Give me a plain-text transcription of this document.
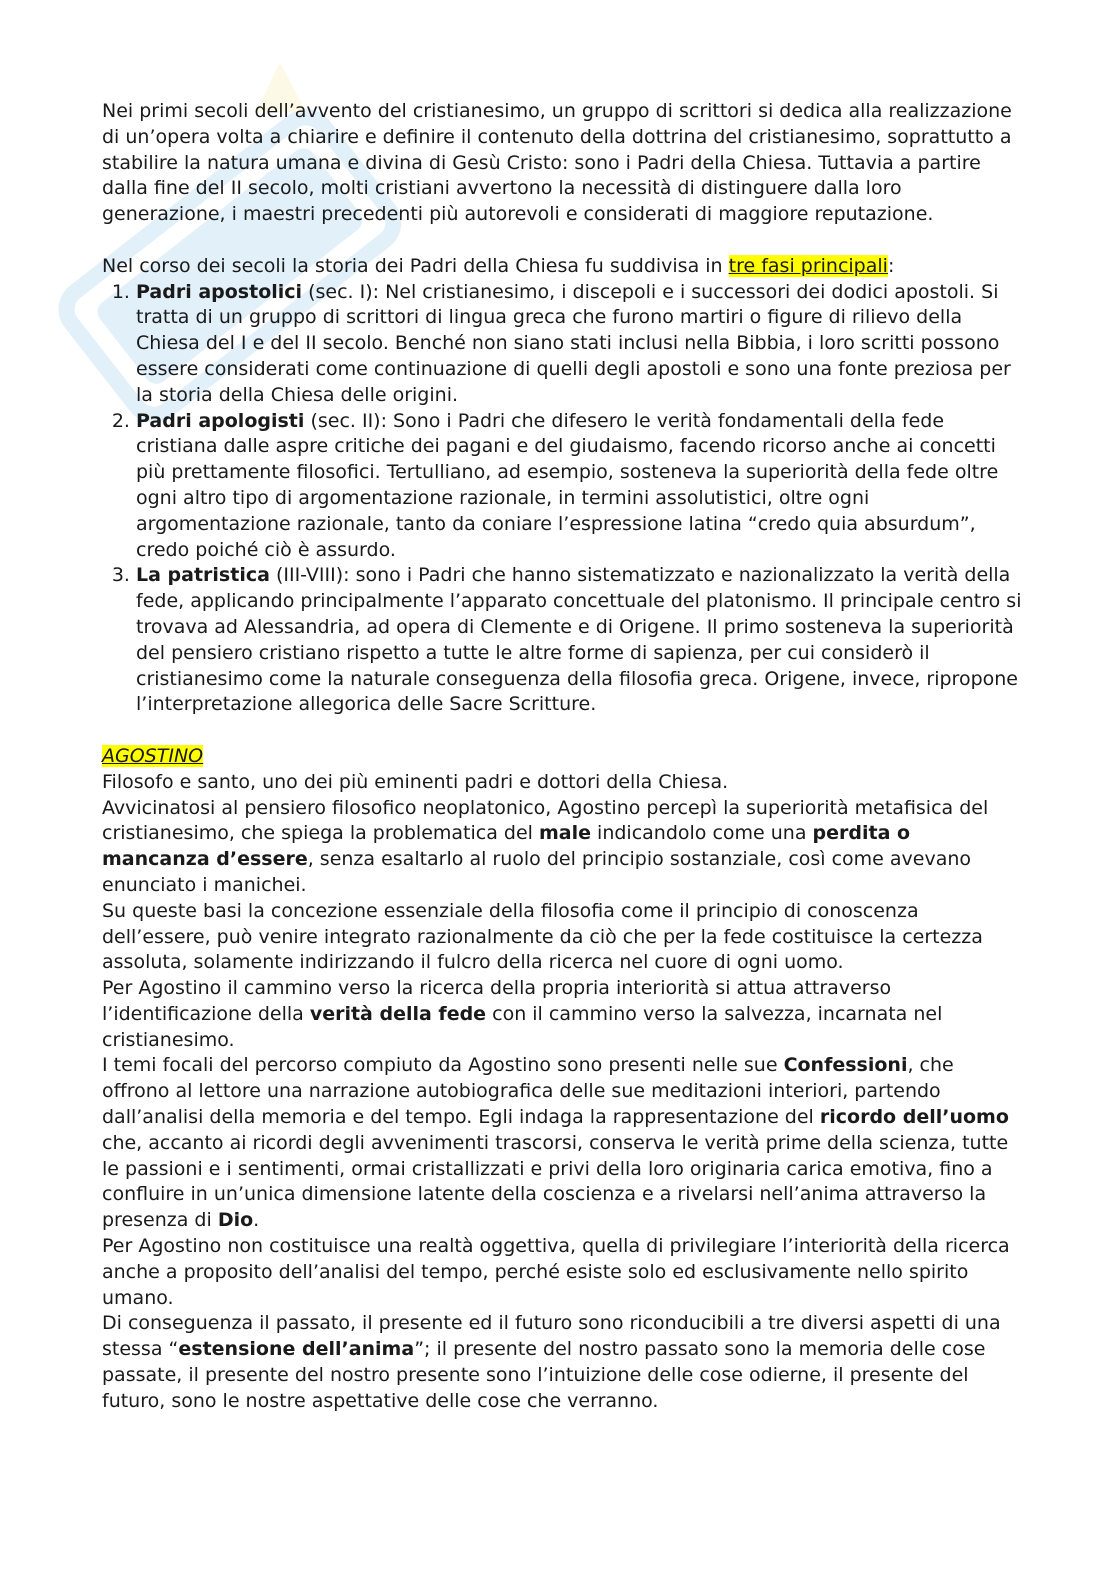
Nei primi secoli dell’avvento del cristianesimo, un gruppo di scrittori si dedica alla realizzazione di un’opera volta a chiarire e definire il contenuto della dottrina del cristianesimo, soprattutto a stabilire la natura umana e divina di Gesù Cristo: sono i Padri della Chiesa. Tuttavia a partire dalla fine del II secolo, molti cristiani avvertono la necessità di distinguere dalla loro generazione, i maestri precedenti più autorevoli e considerati di maggiore reputazione.

Nel corso dei secoli la storia dei Padri della Chiesa fu suddivisa in tre fasi principali:

1. Padri apostolici (sec. I): Nel cristianesimo, i discepoli e i successori dei dodici apostoli. Si tratta di un gruppo di scrittori di lingua greca che furono martiri o figure di rilievo della Chiesa del I e del II secolo. Benché non siano stati inclusi nella Bibbia, i loro scritti possono essere considerati come continuazione di quelli degli apostoli e sono una fonte preziosa per la storia della Chiesa delle origini.
2. Padri apologisti (sec. II): Sono i Padri che difesero le verità fondamentali della fede cristiana dalle aspre critiche dei pagani e del giudaismo, facendo ricorso anche ai concetti più prettamente filosofici. Tertulliano, ad esempio, sosteneva la superiorità della fede oltre ogni altro tipo di argomentazione razionale, in termini assolutistici, oltre ogni argomentazione razionale, tanto da coniare l’espressione latina “credo quia absurdum”, credo poiché ciò è assurdo.
3. La patristica (III-VIII): sono i Padri che hanno sistematizzato e nazionalizzato la verità della fede, applicando principalmente l’apparato concettuale del platonismo. Il principale centro si trovava ad Alessandria, ad opera di Clemente e di Origene. Il primo sosteneva la superiorità del pensiero cristiano rispetto a tutte le altre forme di sapienza, per cui considerò il cristianesimo come la naturale conseguenza della filosofia greca. Origene, invece, ripropone l’interpretazione allegorica delle Sacre Scritture.

AGOSTINO

Filosofo e santo, uno dei più eminenti padri e dottori della Chiesa.

Avvicinatosi al pensiero filosofico neoplatonico, Agostino percepì la superiorità metafisica del cristianesimo, che spiega la problematica del male indicandolo come una perdita o mancanza d’essere, senza esaltarlo al ruolo del principio sostanziale, così come avevano enunciato i manichei.

Su queste basi la concezione essenziale della filosofia come il principio di conoscenza dell’essere, può venire integrato razionalmente da ciò che per la fede costituisce la certezza assoluta, solamente indirizzando il fulcro della ricerca nel cuore di ogni uomo.

Per Agostino il cammino verso la ricerca della propria interiorità si attua attraverso l’identificazione della verità della fede con il cammino verso la salvezza, incarnata nel cristianesimo.

I temi focali del percorso compiuto da Agostino sono presenti nelle sue Confessioni, che offrono al lettore una narrazione autobiografica delle sue meditazioni interiori, partendo dall’analisi della memoria e del tempo. Egli indaga la rappresentazione del ricordo dell’uomo che, accanto ai ricordi degli avvenimenti trascorsi, conserva le verità prime della scienza, tutte le passioni e i sentimenti, ormai cristallizzati e privi della loro originaria carica emotiva, fino a confluire in un’unica dimensione latente della coscienza e a rivelarsi nell’anima attraverso la presenza di Dio.

Per Agostino non costituisce una realtà oggettiva, quella di privilegiare l’interiorità della ricerca anche a proposito dell’analisi del tempo, perché esiste solo ed esclusivamente nello spirito umano.

Di conseguenza il passato, il presente ed il futuro sono riconducibili a tre diversi aspetti di una stessa “estensione dell’anima”; il presente del nostro passato sono la memoria delle cose passate, il presente del nostro presente sono l’intuizione delle cose odierne, il presente del futuro, sono le nostre aspettative delle cose che verranno.
